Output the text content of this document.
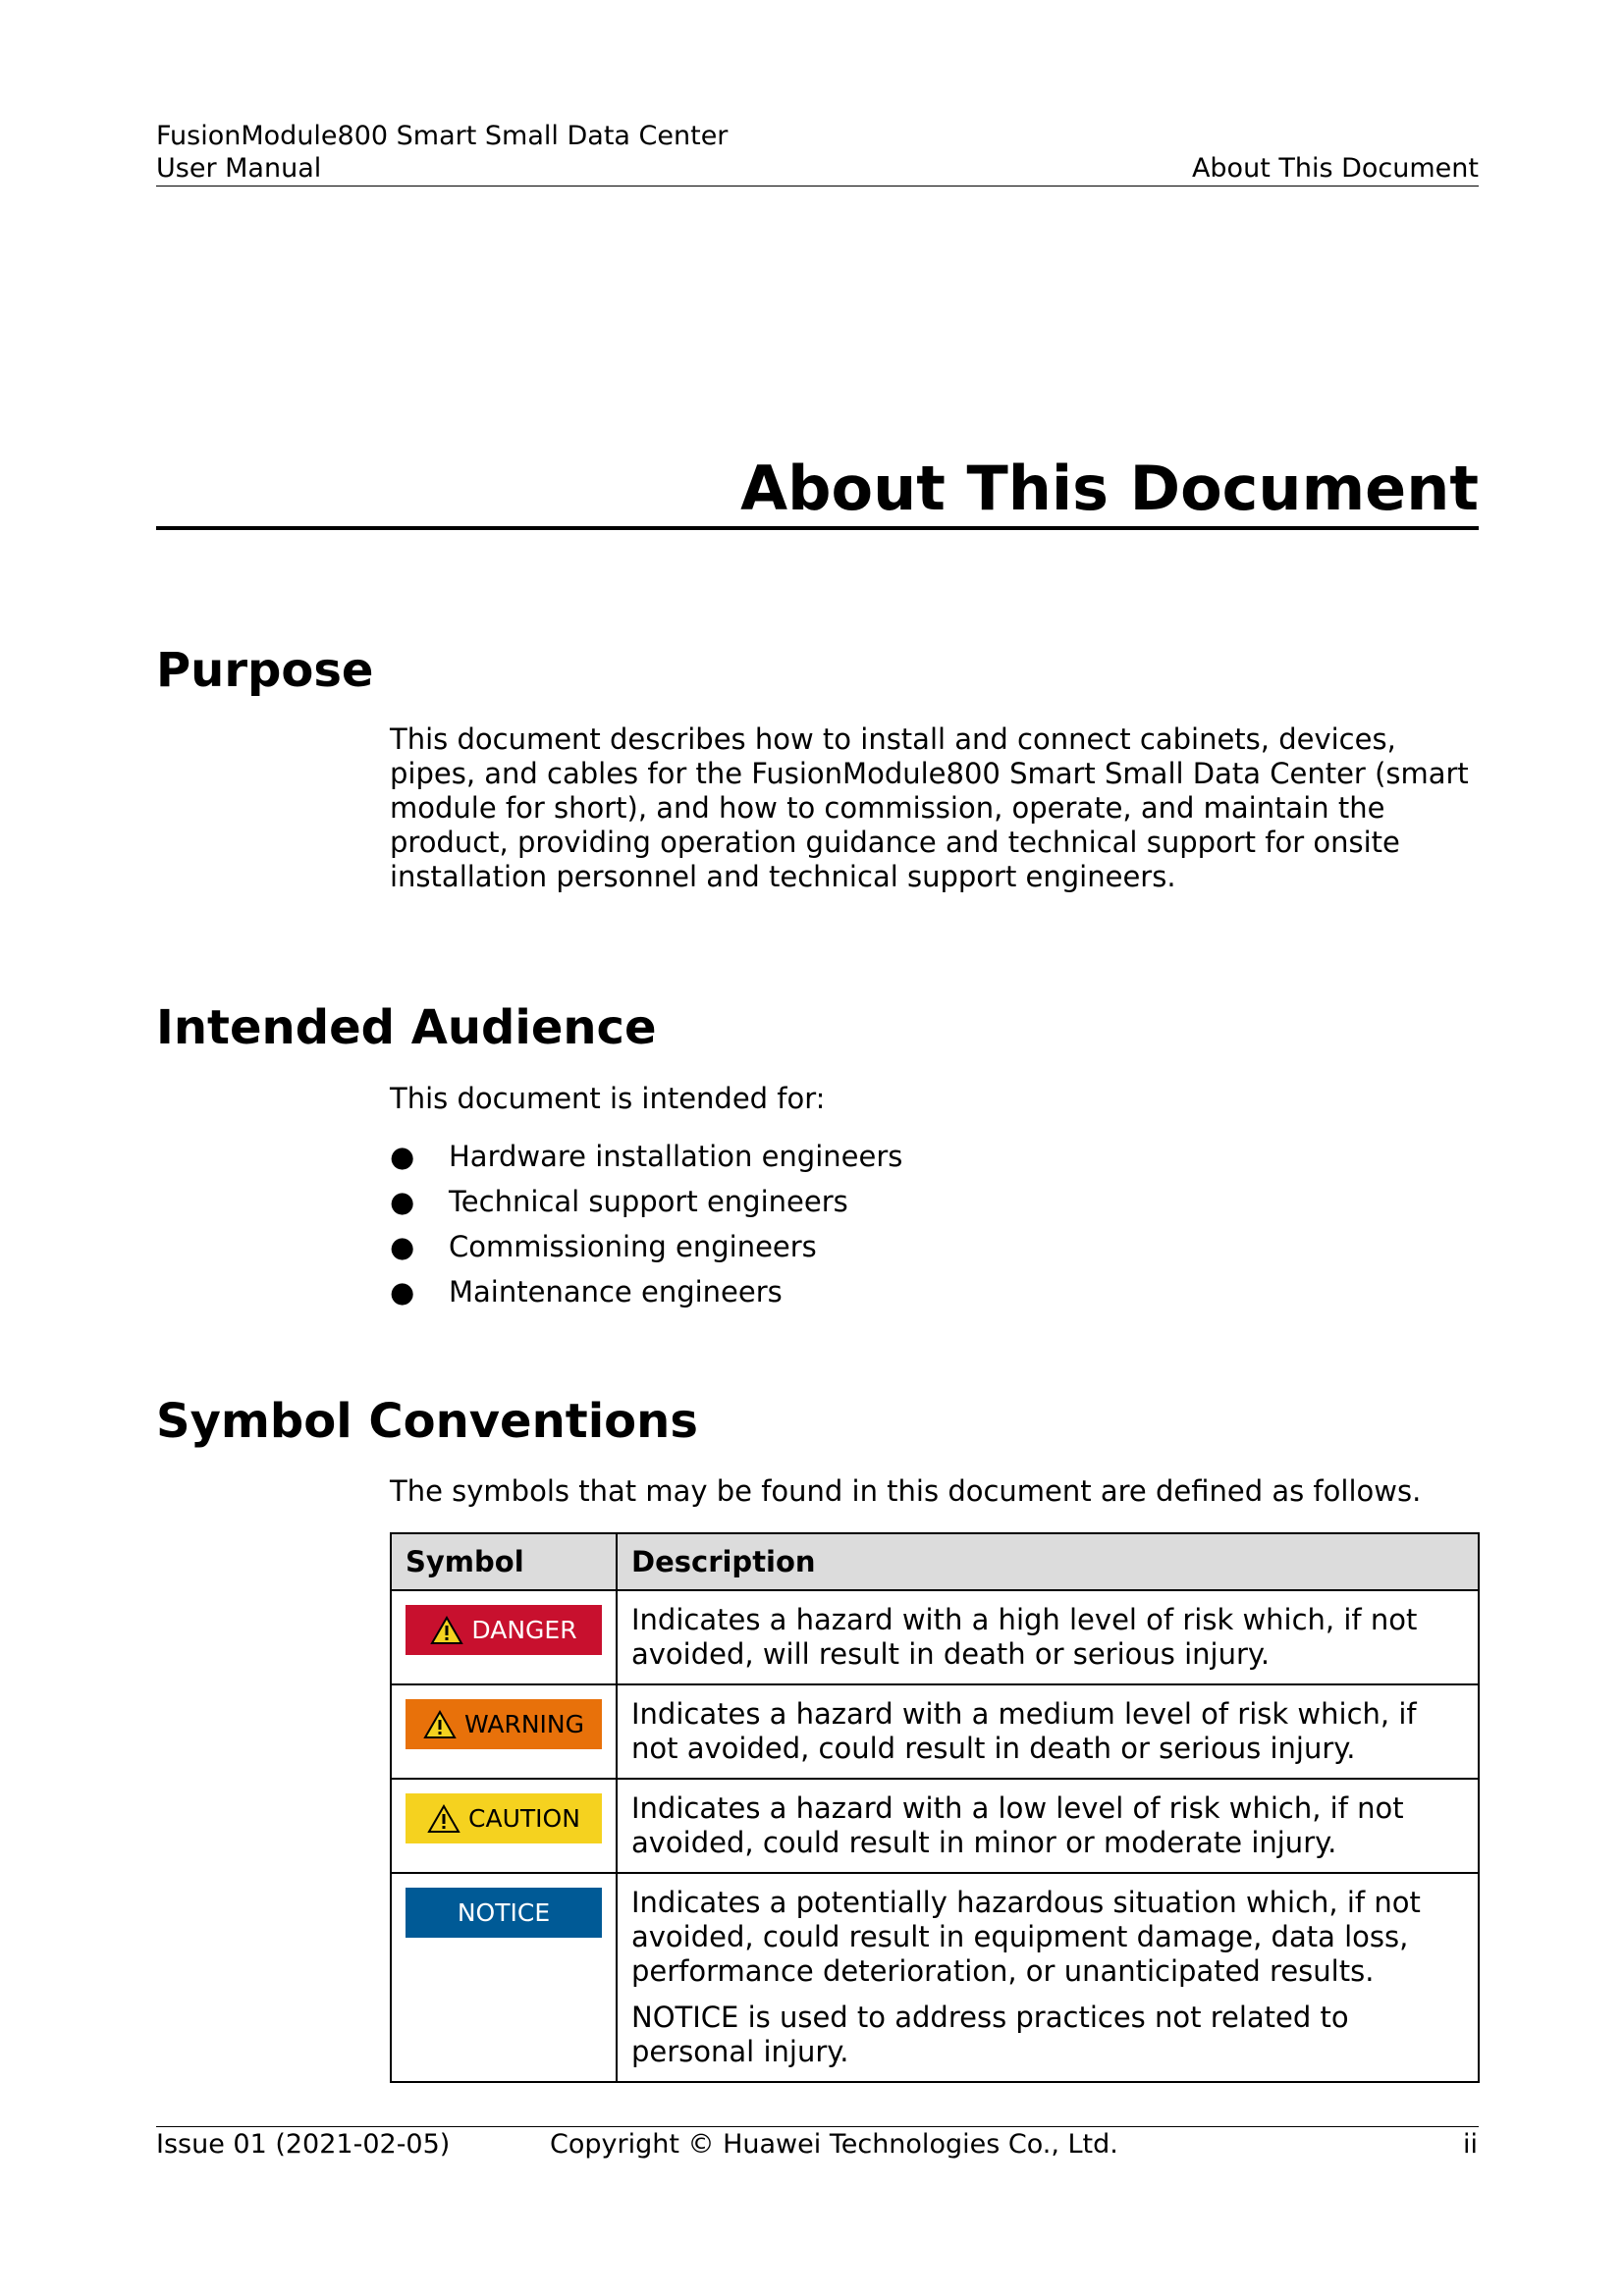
FusionModule800 Smart Small Data Center
User Manual	About This Document
About This Document
Purpose
This document describes how to install and connect cabinets, devices, pipes, and cables for the FusionModule800 Smart Small Data Center (smart module for short), and how to commission, operate, and maintain the product, providing operation guidance and technical support for onsite installation personnel and technical support engineers.
Intended Audience
This document is intended for:
● Hardware installation engineers
● Technical support engineers
● Commissioning engineers
● Maintenance engineers
Symbol Conventions
The symbols that may be found in this document are defined as follows.
Symbol	Description

DANGER	Indicates a hazard with a high level of risk which, if not avoided, will result in death or serious injury.

WARNING	Indicates a hazard with a medium level of risk which, if not avoided, could result in death or serious injury.

CAUTION	Indicates a hazard with a low level of risk which, if not avoided, could result in minor or moderate injury.

NOTICE	Indicates a potentially hazardous situation which, if not avoided, could result in equipment damage, data loss, performance deterioration, or unanticipated results.

NOTICE is used to address practices not related to personal injury.

Issue 01 (2021-02-05)	Copyright © Huawei Technologies Co., Ltd.	ii
